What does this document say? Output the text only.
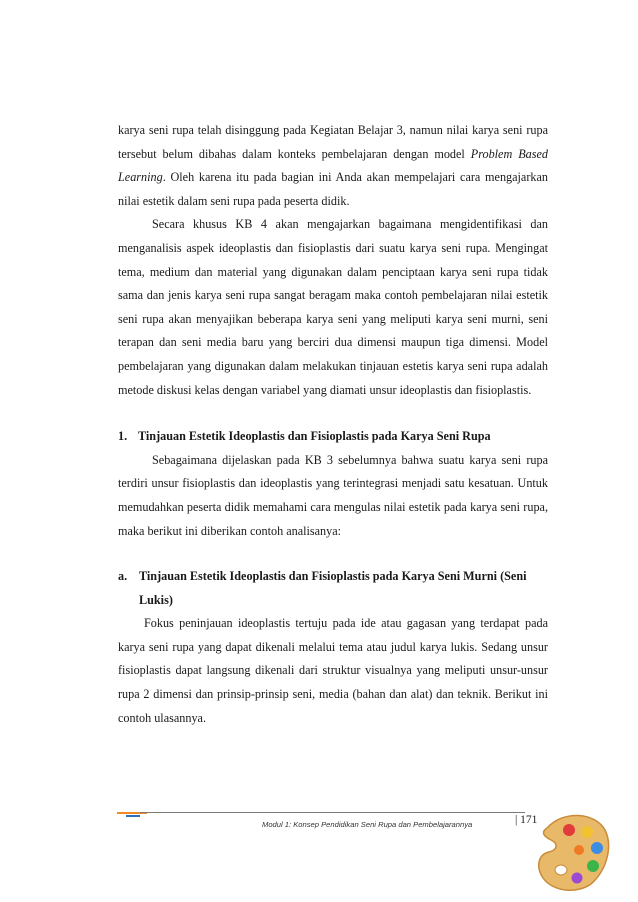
karya seni rupa telah disinggung pada Kegiatan Belajar 3, namun nilai karya seni rupa tersebut belum dibahas dalam konteks pembelajaran dengan model Problem Based Learning. Oleh karena itu pada bagian ini Anda akan mempelajari cara mengajarkan nilai estetik dalam seni rupa pada peserta didik.

Secara khusus KB 4 akan mengajarkan bagaimana mengidentifikasi dan menganalisis aspek ideoplastis dan fisioplastis dari suatu karya seni rupa. Mengingat tema, medium dan material yang digunakan dalam penciptaan karya seni rupa tidak sama dan jenis karya seni rupa sangat beragam maka contoh pembelajaran nilai estetik seni rupa akan menyajikan beberapa karya seni yang meliputi karya seni murni, seni terapan dan seni media baru yang berciri dua dimensi maupun tiga dimensi. Model pembelajaran yang digunakan dalam melakukan tinjauan estetis karya seni rupa adalah metode diskusi kelas dengan variabel yang diamati unsur ideoplastis dan fisioplastis.

1. Tinjauan Estetik Ideoplastis dan Fisioplastis pada Karya Seni Rupa

Sebagaimana dijelaskan pada KB 3 sebelumnya bahwa suatu karya seni rupa terdiri unsur fisioplastis dan ideoplastis yang terintegrasi menjadi satu kesatuan. Untuk memudahkan peserta didik memahami cara mengulas nilai estetik pada karya seni rupa, maka berikut ini diberikan contoh analisanya:

a. Tinjauan Estetik Ideoplastis dan Fisioplastis pada Karya Seni Murni (Seni Lukis)

Fokus peninjauan ideoplastis tertuju pada ide atau gagasan yang terdapat pada karya seni rupa yang dapat dikenali melalui tema atau judul karya lukis. Sedang unsur fisioplastis dapat langsung dikenali dari struktur visualnya yang meliputi unsur-unsur rupa 2 dimensi dan prinsip-prinsip seni, media (bahan dan alat) dan teknik. Berikut ini contoh ulasannya.

Modul 1: Konsep Pendidikan Seni Rupa dan Pembelajarannya	| 171
